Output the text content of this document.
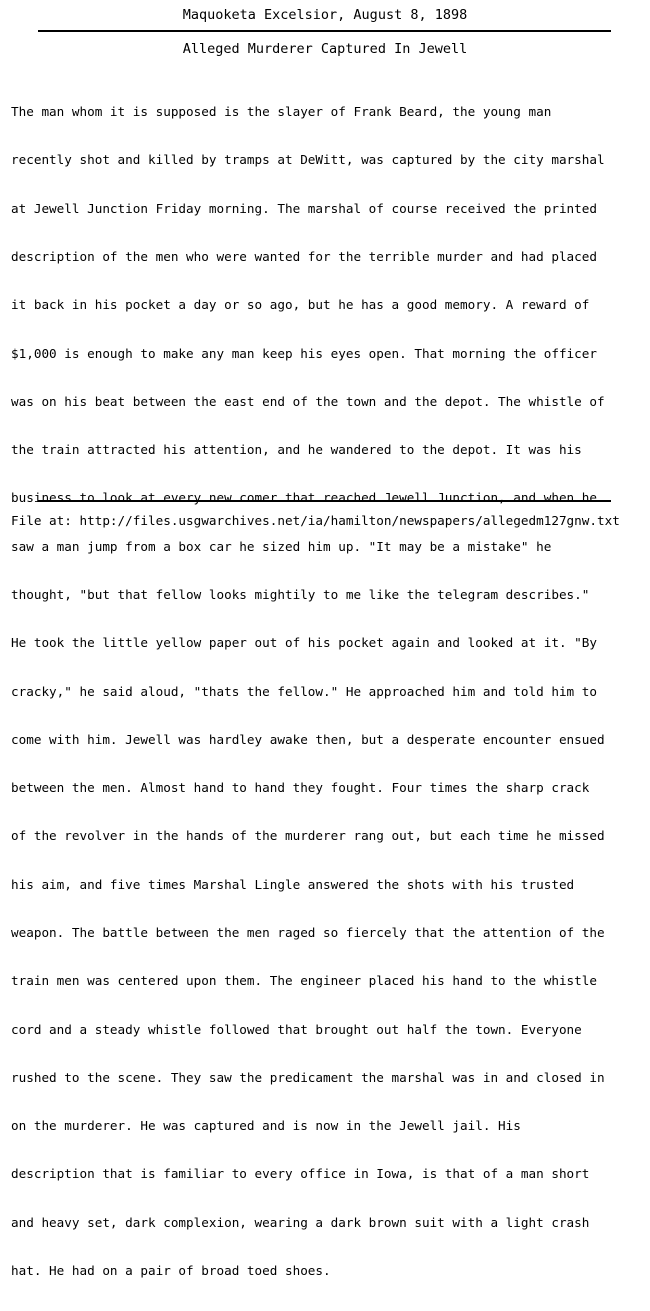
Maquoketa Excelsior, August 8, 1898
Alleged Murderer Captured In Jewell

The man whom it is supposed is the slayer of Frank Beard, the young man

recently shot and killed by tramps at DeWitt, was captured by the city marshal

at Jewell Junction Friday morning. The marshal of course received the printed

description of the men who were wanted for the terrible murder and had placed

it back in his pocket a day or so ago, but he has a good memory. A reward of

$1,000 is enough to make any man keep his eyes open. That morning the officer

was on his beat between the east end of the town and the depot. The whistle of

the train attracted his attention, and he wandered to the depot. It was his

business to look at every new comer that reached Jewell Junction, and when he

saw a man jump from a box car he sized him up. "It may be a mistake" he

thought, "but that fellow looks mightily to me like the telegram describes."

He took the little yellow paper out of his pocket again and looked at it. "By

cracky," he said aloud, "thats the fellow." He approached him and told him to

come with him. Jewell was hardley awake then, but a desperate encounter ensued

between the men. Almost hand to hand they fought. Four times the sharp crack

of the revolver in the hands of the murderer rang out, but each time he missed

his aim, and five times Marshal Lingle answered the shots with his trusted

weapon. The battle between the men raged so fiercely that the attention of the

train men was centered upon them. The engineer placed his hand to the whistle

cord and a steady whistle followed that brought out half the town. Everyone

rushed to the scene. They saw the predicament the marshal was in and closed in

on the murderer. He was captured and is now in the Jewell jail. His

description that is familiar to every office in Iowa, is that of a man short

and heavy set, dark complexion, wearing a dark brown suit with a light crash

hat. He had on a pair of broad toed shoes.

File at: http://files.usgwarchives.net/ia/hamilton/newspapers/allegedm127gnw.txt
